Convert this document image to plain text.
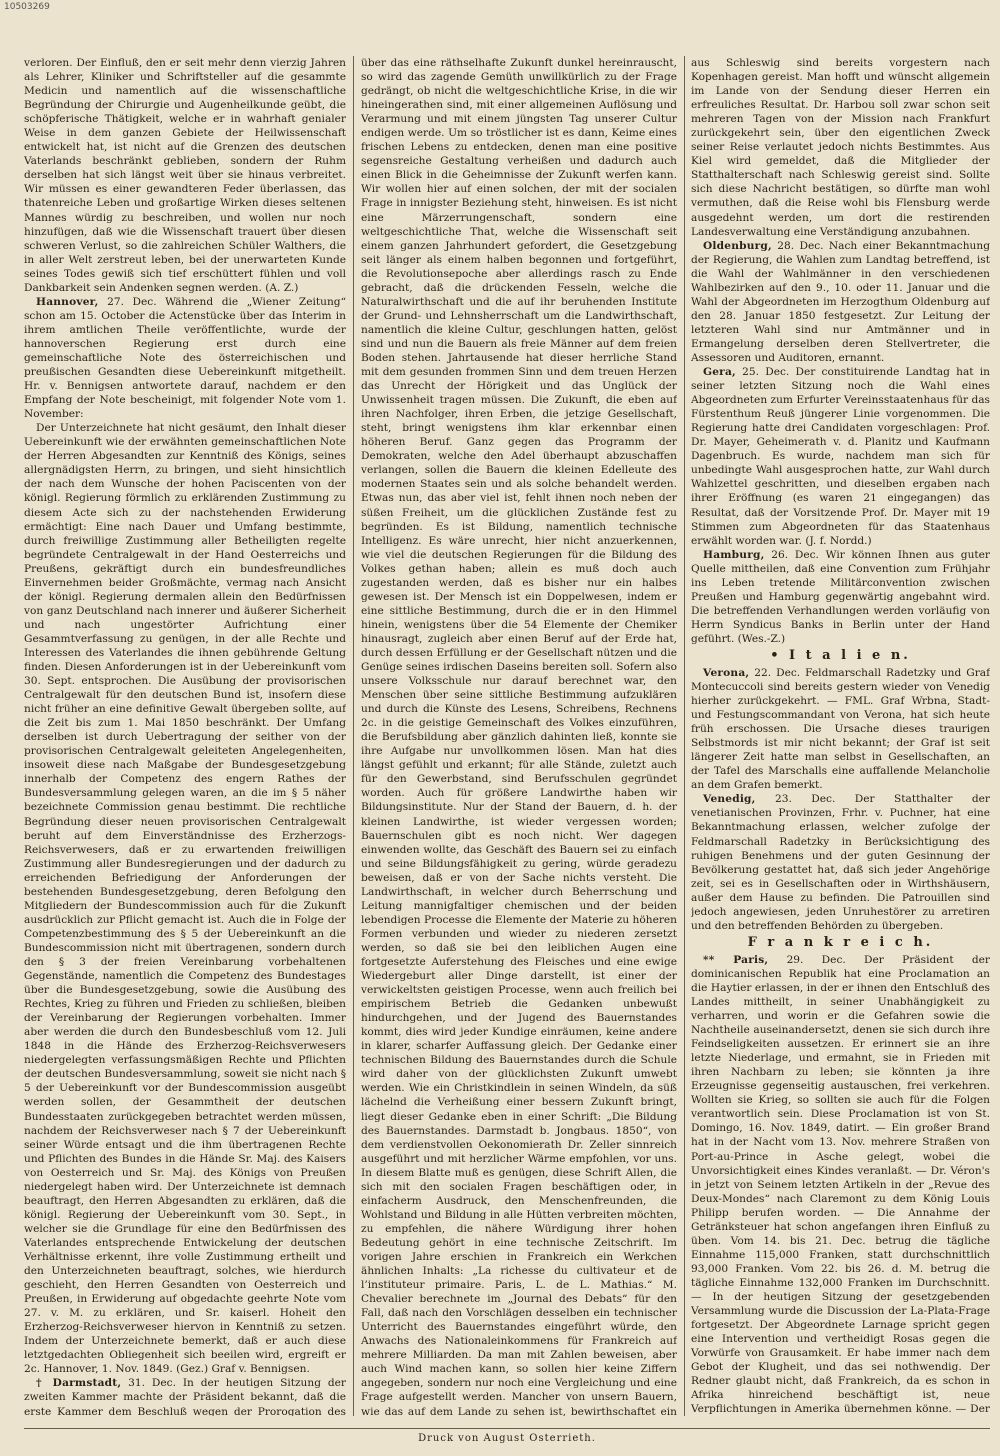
10503269

verloren. Der Einfluß, den er seit mehr denn vierzig Jahren als Lehrer, Kliniker und Schriftsteller auf die gesammte Medicin und namentlich auf die wissenschaftliche Begründung der Chirurgie und Augenheilkunde geübt, die schöpferische Thätigkeit, welche er in wahrhaft genialer Weise in dem ganzen Gebiete der Heilwissenschaft entwickelt hat, ist nicht auf die Grenzen des deutschen Vaterlands beschränkt geblieben, sondern der Ruhm derselben hat sich längst weit über sie hinaus verbreitet. Wir müssen es einer gewandteren Feder überlassen, das thatenreiche Leben und großartige Wirken dieses seltenen Mannes würdig zu beschreiben, und wollen nur noch hinzufügen, daß wie die Wissenschaft trauert über diesen schweren Verlust, so die zahlreichen Schüler Walthers, die in aller Welt zerstreut leben, bei der unerwarteten Kunde seines Todes gewiß sich tief erschüttert fühlen und voll Dankbarkeit sein Andenken segnen werden. (A. Z.)

Hannover, 27. Dec. Während die „Wiener Zeitung“ schon am 15. October die Actenstücke über das Interim in ihrem amtlichen Theile veröffentlichte, wurde der hannoverschen Regierung erst durch eine gemeinschaftliche Note des österreichischen und preußischen Gesandten diese Uebereinkunft mitgetheilt. Hr. v. Bennigsen antwortete darauf, nachdem er den Empfang der Note bescheinigt, mit folgender Note vom 1. November:

Der Unterzeichnete hat nicht gesäumt, den Inhalt dieser Uebereinkunft wie der erwähnten gemeinschaftlichen Note der Herren Abgesandten zur Kenntniß des Königs, seines allergnädigsten Herrn, zu bringen, und sieht hinsichtlich der nach dem Wunsche der hohen Paciscenten von der königl. Regierung förmlich zu erklärenden Zustimmung zu diesem Acte sich zu der nachstehenden Erwiderung ermächtigt: Eine nach Dauer und Umfang bestimmte, durch freiwillige Zustimmung aller Betheiligten regelte begründete Centralgewalt in der Hand Oesterreichs und Preußens, gekräftigt durch ein bundesfreundliches Einvernehmen beider Großmächte, vermag nach Ansicht der königl. Regierung dermalen allein den Bedürfnissen von ganz Deutschland nach innerer und äußerer Sicherheit und nach ungestörter Aufrichtung einer Gesammtverfassung zu genügen, in der alle Rechte und Interessen des Vaterlandes die ihnen gebührende Geltung finden. Diesen Anforderungen ist in der Uebereinkunft vom 30. Sept. entsprochen. Die Ausübung der provisorischen Centralgewalt für den deutschen Bund ist, insofern diese nicht früher an eine definitive Gewalt übergeben sollte, auf die Zeit bis zum 1. Mai 1850 beschränkt. Der Umfang derselben ist durch Uebertragung der seither von der provisorischen Centralgewalt geleiteten Angelegenheiten, insoweit diese nach Maßgabe der Bundesgesetzgebung innerhalb der Competenz des engern Rathes der Bundesversammlung gelegen waren, an die im § 5 näher bezeichnete Commission genau bestimmt. Die rechtliche Begründung dieser neuen provisorischen Centralgewalt beruht auf dem Einverständnisse des Erzherzogs-Reichsverwesers, daß er zu erwartenden freiwilligen Zustimmung aller Bundesregierungen und der dadurch zu erreichenden Befriedigung der Anforderungen der bestehenden Bundesgesetzgebung, deren Befolgung den Mitgliedern der Bundescommission auch für die Zukunft ausdrücklich zur Pflicht gemacht ist. Auch die in Folge der Competenzbestimmung des § 5 der Uebereinkunft an die Bundescommission nicht mit übertragenen, sondern durch den § 3 der freien Vereinbarung vorbehaltenen Gegenstände, namentlich die Competenz des Bundestages über die Bundesgesetzgebung, sowie die Ausübung des Rechtes, Krieg zu führen und Frieden zu schließen, bleiben der Vereinbarung der Regierungen vorbehalten. Immer aber werden die durch den Bundesbeschluß vom 12. Juli 1848 in die Hände des Erzherzog-Reichsverwesers niedergelegten verfassungsmäßigen Rechte und Pflichten der deutschen Bundesversammlung, soweit sie nicht nach § 5 der Uebereinkunft vor der Bundescommission ausgeübt werden sollen, der Gesammtheit der deutschen Bundesstaaten zurückgegeben betrachtet werden müssen, nachdem der Reichsverweser nach § 7 der Uebereinkunft seiner Würde entsagt und die ihm übertragenen Rechte und Pflichten des Bundes in die Hände Sr. Maj. des Kaisers von Oesterreich und Sr. Maj. des Königs von Preußen niedergelegt haben wird. Der Unterzeichnete ist demnach beauftragt, den Herren Abgesandten zu erklären, daß die königl. Regierung der Uebereinkunft vom 30. Sept., in welcher sie die Grundlage für eine den Bedürfnissen des Vaterlandes entsprechende Entwickelung der deutschen Verhältnisse erkennt, ihre volle Zustimmung ertheilt und den Unterzeichneten beauftragt, solches, wie hierdurch geschieht, den Herren Gesandten von Oesterreich und Preußen, in Erwiderung auf obgedachte geehrte Note vom 27. v. M. zu erklären, und Sr. kaiserl. Hoheit den Erzherzog-Reichsverweser hiervon in Kenntniß zu setzen. Indem der Unterzeichnete bemerkt, daß er auch diese letztgedachten Obliegenheit sich beeilen wird, ergreift er 2c. Hannover, 1. Nov. 1849. (Gez.) Graf v. Bennigsen.

† Darmstadt, 31. Dec. In der heutigen Sitzung der zweiten Kammer machte der Präsident bekannt, daß die erste Kammer dem Beschluß wegen der Prorogation des

über das eine räthselhafte Zukunft dunkel hereinrauscht, so wird das zagende Gemüth unwillkürlich zu der Frage gedrängt, ob nicht die weltgeschichtliche Krise, in die wir hineingerathen sind, mit einer allgemeinen Auflösung und Verarmung und mit einem jüngsten Tag unserer Cultur endigen werde. Um so tröstlicher ist es dann, Keime eines frischen Lebens zu entdecken, denen man eine positive segensreiche Gestaltung verheißen und dadurch auch einen Blick in die Geheimnisse der Zukunft werfen kann. Wir wollen hier auf einen solchen, der mit der socialen Frage in innigster Beziehung steht, hinweisen. Es ist nicht eine Märzerrungenschaft, sondern eine weltgeschichtliche That, welche die Wissenschaft seit einem ganzen Jahrhundert gefordert, die Gesetzgebung seit länger als einem halben begonnen und fortgeführt, die Revolutionsepoche aber allerdings rasch zu Ende gebracht, daß die drückenden Fesseln, welche die Naturalwirthschaft und die auf ihr beruhenden Institute der Grund- und Lehnsherrschaft um die Landwirthschaft, namentlich die kleine Cultur, geschlungen hatten, gelöst sind und nun die Bauern als freie Männer auf dem freien Boden stehen. Jahrtausende hat dieser herrliche Stand mit dem gesunden frommen Sinn und dem treuen Herzen das Unrecht der Hörigkeit und das Unglück der Unwissenheit tragen müssen. Die Zukunft, die eben auf ihren Nachfolger, ihren Erben, die jetzige Gesellschaft, steht, bringt wenigstens ihm klar erkennbar einen höheren Beruf. Ganz gegen das Programm der Demokraten, welche den Adel überhaupt abzuschaffen verlangen, sollen die Bauern die kleinen Edelleute des modernen Staates sein und als solche behandelt werden. Etwas nun, das aber viel ist, fehlt ihnen noch neben der süßen Freiheit, um die glücklichen Zustände fest zu begründen. Es ist Bildung, namentlich technische Intelligenz. Es wäre unrecht, hier nicht anzuerkennen, wie viel die deutschen Regierungen für die Bildung des Volkes gethan haben; allein es muß doch auch zugestanden werden, daß es bisher nur ein halbes gewesen ist. Der Mensch ist ein Doppelwesen, indem er eine sittliche Bestimmung, durch die er in den Himmel hinein, wenigstens über die 54 Elemente der Chemiker hinausragt, zugleich aber einen Beruf auf der Erde hat, durch dessen Erfüllung er der Gesellschaft nützen und die Genüge seines irdischen Daseins bereiten soll. Sofern also unsere Volksschule nur darauf berechnet war, den Menschen über seine sittliche Bestimmung aufzuklären und durch die Künste des Lesens, Schreibens, Rechnens 2c. in die geistige Gemeinschaft des Volkes einzuführen, die Berufsbildung aber gänzlich dahinten ließ, konnte sie ihre Aufgabe nur unvollkommen lösen. Man hat dies längst gefühlt und erkannt; für alle Stände, zuletzt auch für den Gewerbstand, sind Berufsschulen gegründet worden. Auch für größere Landwirthe haben wir Bildungsinstitute. Nur der Stand der Bauern, d. h. der kleinen Landwirthe, ist wieder vergessen worden; Bauernschulen gibt es noch nicht. Wer dagegen einwenden wollte, das Geschäft des Bauern sei zu einfach und seine Bildungsfähigkeit zu gering, würde geradezu beweisen, daß er von der Sache nichts versteht. Die Landwirthschaft, in welcher durch Beherrschung und Leitung mannigfaltiger chemischen und der beiden lebendigen Processe die Elemente der Materie zu höheren Formen verbunden und wieder zu niederen zersetzt werden, so daß sie bei den leiblichen Augen eine fortgesetzte Auferstehung des Fleisches und eine ewige Wiedergeburt aller Dinge darstellt, ist einer der verwickeltsten geistigen Processe, wenn auch freilich bei empirischem Betrieb die Gedanken unbewußt hindurchgehen, und der Jugend des Bauernstandes kommt, dies wird jeder Kundige einräumen, keine andere in klarer, scharfer Auffassung gleich. Der Gedanke einer technischen Bildung des Bauernstandes durch die Schule wird daher von der glücklichsten Zukunft umwebt werden. Wie ein Christkindlein in seinen Windeln, da süß lächelnd die Verheißung einer bessern Zukunft bringt, liegt dieser Gedanke eben in einer Schrift: „Die Bildung des Bauernstandes. Darmstadt b. Jongbaus. 1850“, von dem verdienstvollen Oekonomierath Dr. Zeller sinnreich ausgeführt und mit herzlicher Wärme empfohlen, vor uns. In diesem Blatte muß es genügen, diese Schrift Allen, die sich mit den socialen Fragen beschäftigen oder, in einfacherm Ausdruck, den Menschenfreunden, die Wohlstand und Bildung in alle Hütten verbreiten möchten, zu empfehlen, die nähere Würdigung ihrer hohen Bedeutung gehört in eine technische Zeitschrift. Im vorigen Jahre erschien in Frankreich ein Werkchen ähnlichen Inhalts: „La richesse du cultivateur et de l’instituteur primaire. Paris, L. de L. Mathias.“ M. Chevalier berechnete im „Journal des Debats“ für den Fall, daß nach den Vorschlägen desselben ein technischer Unterricht des Bauernstandes eingeführt würde, den Anwachs des Nationaleinkommens für Frankreich auf mehrere Milliarden. Da man mit Zahlen beweisen, aber auch Wind machen kann, so sollen hier keine Ziffern angegeben, sondern nur noch eine Vergleichung und eine Frage aufgestellt werden. Mancher von unsern Bauern, wie das auf dem Lande zu sehen ist, bewirthschaftet ein

aus Schleswig sind bereits vorgestern nach Kopenhagen gereist. Man hofft und wünscht allgemein im Lande von der Sendung dieser Herren ein erfreuliches Resultat. Dr. Harbou soll zwar schon seit mehreren Tagen von der Mission nach Frankfurt zurückgekehrt sein, über den eigentlichen Zweck seiner Reise verlautet jedoch nichts Bestimmtes. Aus Kiel wird gemeldet, daß die Mitglieder der Statthalterschaft nach Schleswig gereist sind. Sollte sich diese Nachricht bestätigen, so dürfte man wohl vermuthen, daß die Reise wohl bis Flensburg werde ausgedehnt werden, um dort die restirenden Landesverwaltung eine Verständigung anzubahnen.

Oldenburg, 28. Dec. Nach einer Bekanntmachung der Regierung, die Wahlen zum Landtag betreffend, ist die Wahl der Wahlmänner in den verschiedenen Wahlbezirken auf den 9., 10. oder 11. Januar und die Wahl der Abgeordneten im Herzogthum Oldenburg auf den 28. Januar 1850 festgesetzt. Zur Leitung der letzteren Wahl sind nur Amtmänner und in Ermangelung derselben deren Stellvertreter, die Assessoren und Auditoren, ernannt.

Gera, 25. Dec. Der constituirende Landtag hat in seiner letzten Sitzung noch die Wahl eines Abgeordneten zum Erfurter Vereinsstaatenhaus für das Fürstenthum Reuß jüngerer Linie vorgenommen. Die Regierung hatte drei Candidaten vorgeschlagen: Prof. Dr. Mayer, Geheimerath v. d. Planitz und Kaufmann Dagenbruch. Es wurde, nachdem man sich für unbedingte Wahl ausgesprochen hatte, zur Wahl durch Wahlzettel geschritten, und dieselben ergaben nach ihrer Eröffnung (es waren 21 eingegangen) das Resultat, daß der Vorsitzende Prof. Dr. Mayer mit 19 Stimmen zum Abgeordneten für das Staatenhaus erwählt worden war. (J. f. Nordd.)

Hamburg, 26. Dec. Wir können Ihnen aus guter Quelle mittheilen, daß eine Convention zum Frühjahr ins Leben tretende Militärconvention zwischen Preußen und Hamburg gegenwärtig angebahnt wird. Die betreffenden Verhandlungen werden vorläufig von Herrn Syndicus Banks in Berlin unter der Hand geführt. (Wes.-Z.)

• I t a l i e n.

Verona, 22. Dec. Feldmarschall Radetzky und Graf Montecuccoli sind bereits gestern wieder von Venedig hierher zurückgekehrt. — FML. Graf Wrbna, Stadt- und Festungscommandant von Verona, hat sich heute früh erschossen. Die Ursache dieses traurigen Selbstmords ist mir nicht bekannt; der Graf ist seit längerer Zeit hatte man selbst in Gesellschaften, an der Tafel des Marschalls eine auffallende Melancholie an dem Grafen bemerkt.

Venedig, 23. Dec. Der Statthalter der venetianischen Provinzen, Frhr. v. Puchner, hat eine Bekanntmachung erlassen, welcher zufolge der Feldmarschall Radetzky in Berücksichtigung des ruhigen Benehmens und der guten Gesinnung der Bevölkerung gestattet hat, daß sich jeder Angehörige zeit, sei es in Gesellschaften oder in Wirthshäusern, außer dem Hause zu befinden. Die Patrouillen sind jedoch angewiesen, jeden Unruhestörer zu arretiren und den betreffenden Behörden zu übergeben.

F r a n k r e i c h.

** Paris, 29. Dec. Der Präsident der dominicanischen Republik hat eine Proclamation an die Haytier erlassen, in der er ihnen den Entschluß des Landes mittheilt, in seiner Unabhängigkeit zu verharren, und worin er die Gefahren sowie die Nachtheile auseinandersetzt, denen sie sich durch ihre Feindseligkeiten aussetzen. Er erinnert sie an ihre letzte Niederlage, und ermahnt, sie in Frieden mit ihren Nachbarn zu leben; sie könnten ja ihre Erzeugnisse gegenseitig austauschen, frei verkehren. Wollten sie Krieg, so sollten sie auch für die Folgen verantwortlich sein. Diese Proclamation ist von St. Domingo, 16. Nov. 1849, datirt. — Ein großer Brand hat in der Nacht vom 13. Nov. mehrere Straßen von Port-au-Prince in Asche gelegt, wobei die Unvorsichtigkeit eines Kindes veranlaßt. — Dr. Véron's in jetzt von Seinem letzten Artikeln in der „Revue des Deux-Mondes“ nach Claremont zu dem König Louis Philipp berufen worden. — Die Annahme der Getränksteuer hat schon angefangen ihren Einfluß zu üben. Vom 14. bis 21. Dec. betrug die tägliche Einnahme 115,000 Franken, statt durchschnittlich 93,000 Franken. Vom 22. bis 26. d. M. betrug die tägliche Einnahme 132,000 Franken im Durchschnitt. — In der heutigen Sitzung der gesetzgebenden Versammlung wurde die Discussion der La-Plata-Frage fortgesetzt. Der Abgeordnete Larnage spricht gegen eine Intervention und vertheidigt Rosas gegen die Vorwürfe von Grausamkeit. Er habe immer nach dem Gebot der Klugheit, und das sei nothwendig. Der Redner glaubt nicht, daß Frankreich, da es schon in Afrika hinreichend beschäftigt ist, neue Verpflichtungen in Amerika übernehmen könne. — Der

Druck von August Osterrieth.
